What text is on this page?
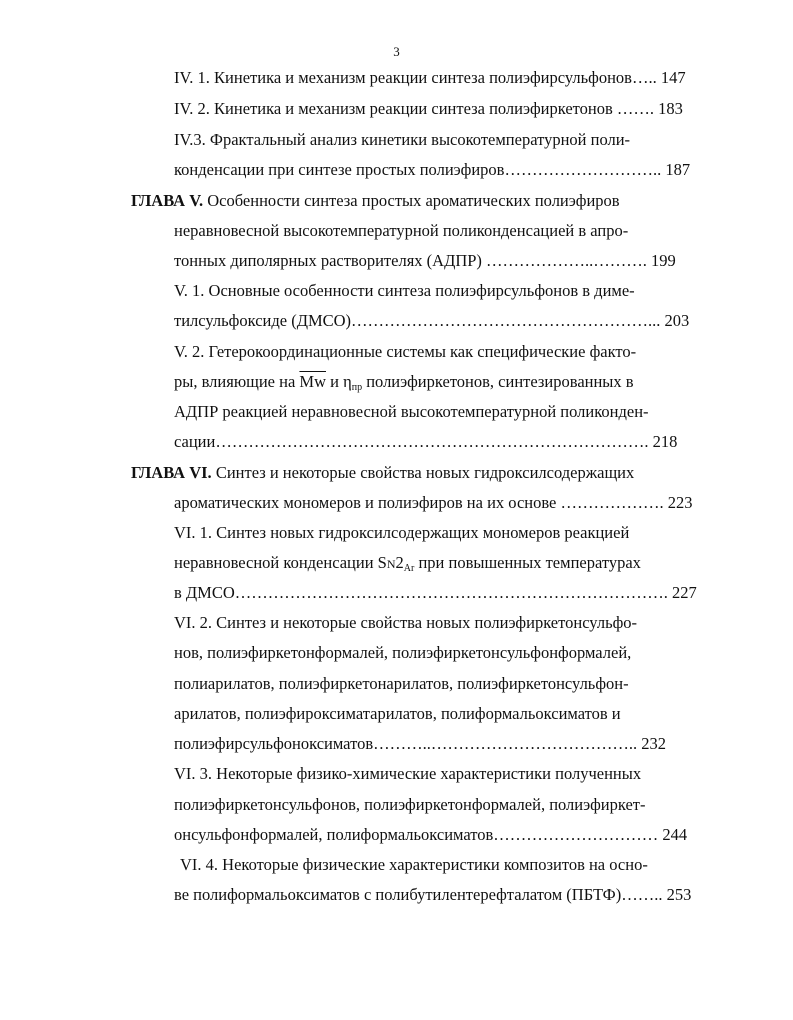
3
IV. 1. Кинетика и механизм реакции синтеза полиэфирсульфонов….. 147
IV. 2. Кинетика и механизм реакции синтеза полиэфиркетонов ……. 183
IV.3. Фрактальный анализ кинетики высокотемпературной поли-
конденсации при синтезе простых полиэфиров……………………….. 187
ГЛАВА V. Особенности синтеза простых ароматических полиэфиров
неравновесной высокотемпературной поликонденсацией в апро-
тонных диполярных растворителях (АДПР) ………………..………. 199
V. 1. Основные особенности синтеза полиэфирсульфонов в диме-
тилсульфоксиде (ДМСО)………………………………………………... 203
V. 2. Гетерокоординационные системы как специфические факто-
ры, влияющие на $\overline{Mw}$ и $\eta_{пр}$ полиэфиркетонов, синтезированных в
АДПР реакцией неравновесной высокотемпературной поликонден-
сации……………………………………………………………………. 218
ГЛАВА VI. Синтез и некоторые свойства новых гидроксилсодержащих
ароматических мономеров и полиэфиров на их основе ………………. 223
VI. 1. Синтез новых гидроксилсодержащих мономеров реакцией
неравновесной конденсации $SN2_{Ar}$ при повышенных температурах
в ДМСО……………………………………………………………………. 227
VI. 2. Синтез и некоторые свойства новых полиэфиркетонсульфо-
нов, полиэфиркетонформалей, полиэфиркетонсульфонформалей,
полиарилатов, полиэфиркетонарилатов, полиэфиркетонсульфон-
арилатов, полиэфироксиматарилатов, полиформальоксиматов и
полиэфирсульфоноксиматов………..……………………………….. 232
VI. 3. Некоторые физико-химические характеристики полученных
полиэфиркетонсульфонов, полиэфиркетонформалей, полиэфиркет-
онсульфонформалей, полиформальоксиматов………………………… 244
VI. 4. Некоторые физические характеристики композитов на осно-
ве полиформальоксиматов с полибутилентерефталатом (ПБТФ)…….. 253
